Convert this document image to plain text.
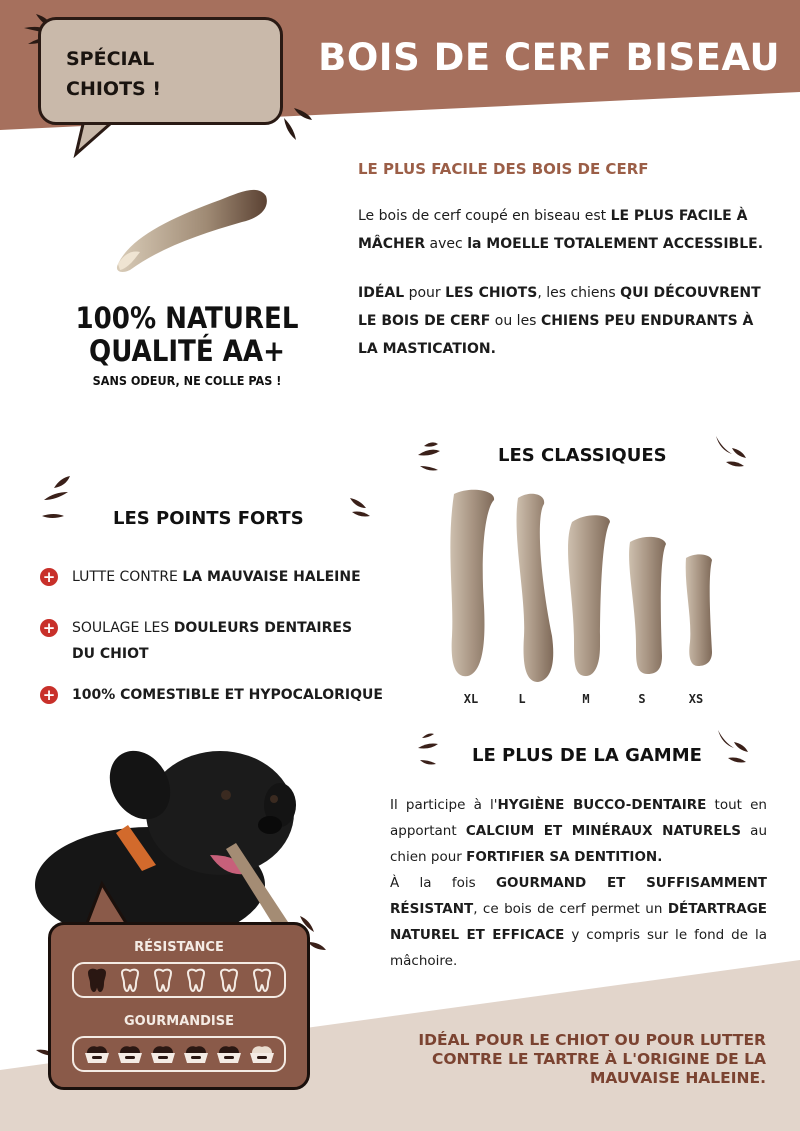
BOIS DE CERF BISEAU
SPÉCIAL
CHIOTS !
100% NATUREL
QUALITÉ AA+
SANS ODEUR, NE COLLE PAS !
LE PLUS FACILE DES BOIS DE CERF
Le bois de cerf coupé en biseau est LE PLUS FACILE À MÂCHER avec la MOELLE TOTALEMENT ACCESSIBLE.
IDÉAL pour LES CHIOTS, les chiens QUI DÉCOUVRENT LE BOIS DE CERF ou les CHIENS PEU ENDURANTS À LA MASTICATION.
LES POINTS FORTS
+ LUTTE CONTRE LA MAUVAISE HALEINE
+ SOULAGE LES DOULEURS DENTAIRES
DU CHIOT
+ 100% COMESTIBLE ET HYPOCALORIQUE
LES CLASSIQUES
XL	L	M	S	XS
LE PLUS DE LA GAMME
Il participe à l'HYGIÈNE BUCCO-DENTAIRE tout en apportant CALCIUM ET MINÉRAUX NATURELS au chien pour FORTIFIER SA DENTITION.
À la fois GOURMAND ET SUFFISAMMENT RÉSISTANT, ce bois de cerf permet un DÉTARTRAGE NATUREL ET EFFICACE y compris sur le fond de la mâchoire.
IDÉAL POUR LE CHIOT OU POUR LUTTER CONTRE LE TARTRE À L'ORIGINE DE LA MAUVAISE HALEINE.
RÉSISTANCE
GOURMANDISE
